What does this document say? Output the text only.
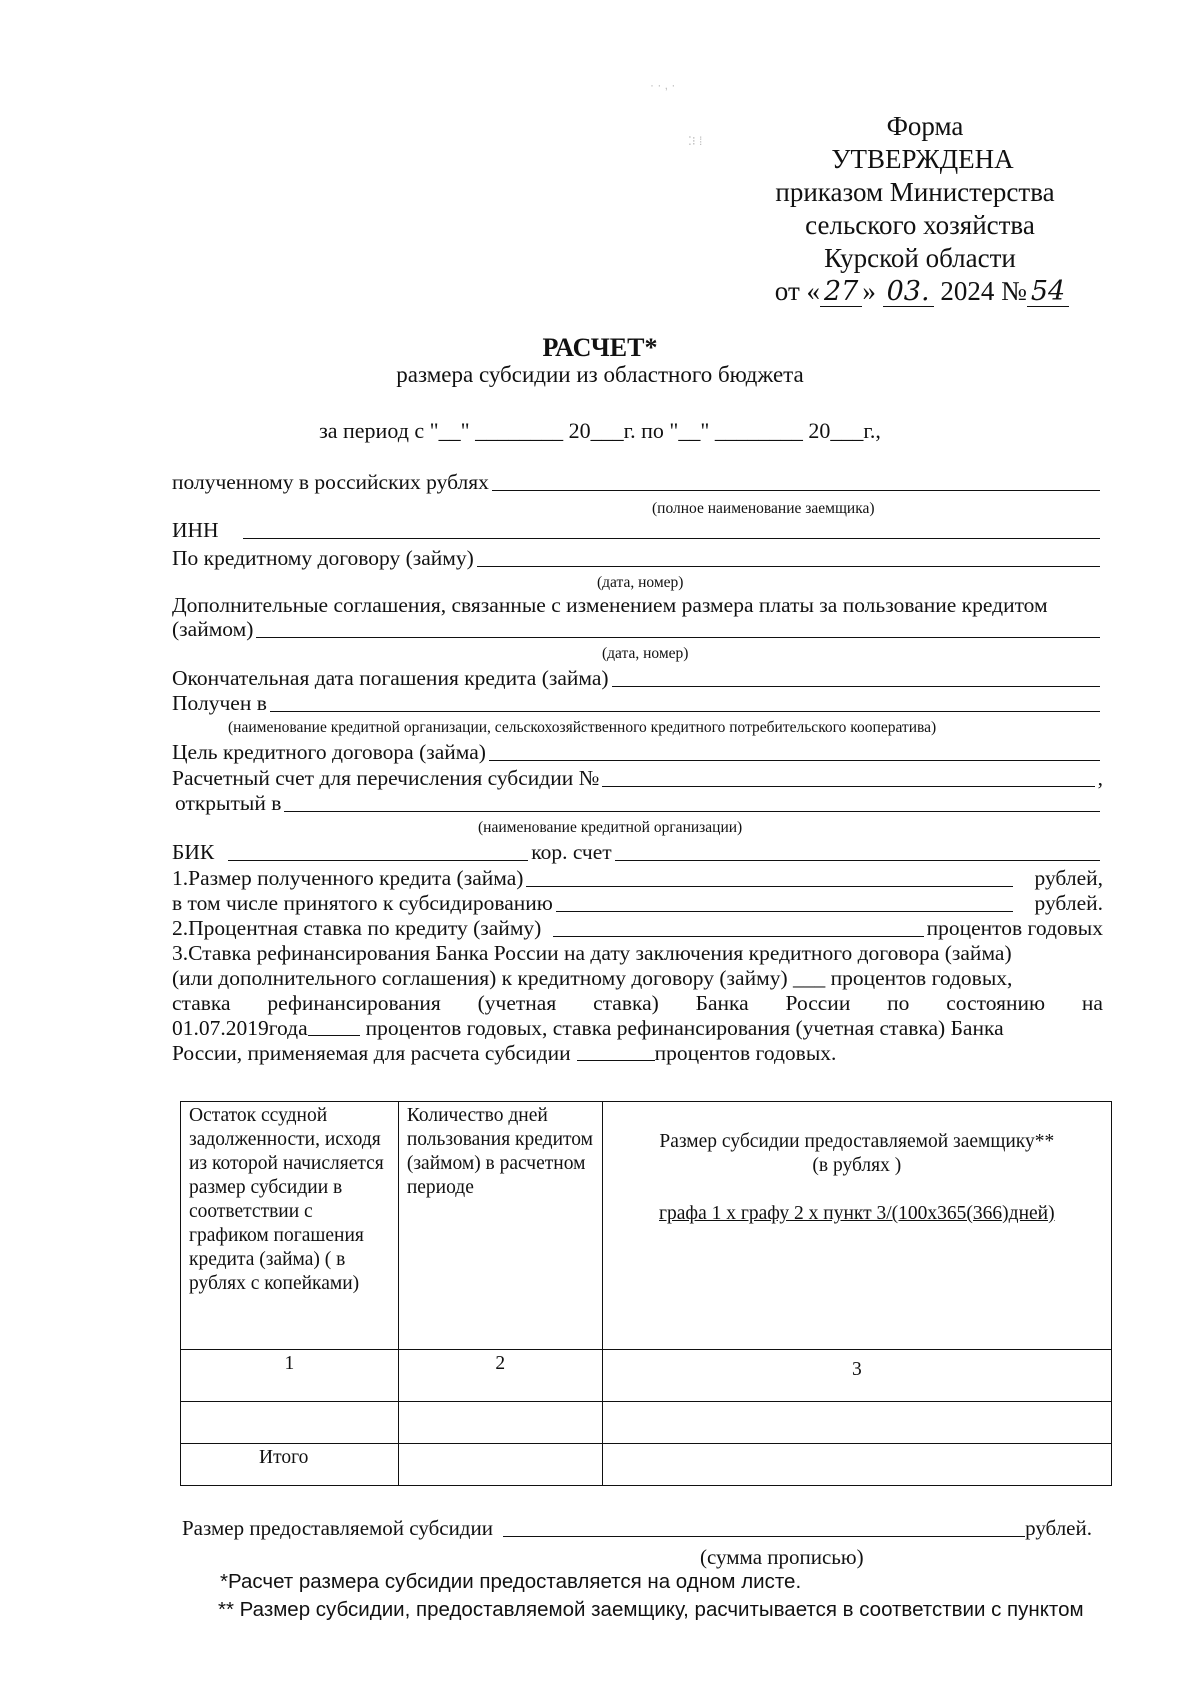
· · , ·
⁚⁝ ⁞	Форма
УТВЕРЖДЕНА
приказом Министерства
сельского хозяйства
Курской области
от « 27 » 03. 2024 № 54
РАСЧЕТ*
размера субсидии из областного бюджета
за период с "__" ________ 20___г. по "__" ________ 20___г.,
полученному в российских рублях
(полное наименование заемщика)
ИНН
По кредитному договору (займу)
(дата, номер)
Дополнительные соглашения, связанные с изменением размера платы за пользование кредитом
(займом)
(дата, номер)
Окончательная дата погашения кредита (займа)
Получен в
(наименование кредитной организации, сельскохозяйственного кредитного потребительского кооператива)
Цель кредитного договора (займа)
Расчетный счет для перечисления субсидии №	,
открытый в
(наименование кредитной организации)
БИК	кор. счет
1.Размер полученного кредита (займа)	рублей,
в том числе принятого к субсидированию	рублей.
2.Процентная ставка по кредиту (займу)	процентов годовых
3.Ставка рефинансирования Банка России на дату заключения кредитного договора (займа)
(или дополнительного соглашения) к кредитному договору (займу) ___ процентов годовых,
ставка рефинансирования (учетная ставка) Банка России по состоянию на
01.07.2019года	процентов годовых, ставка рефинансирования (учетная ставка) Банка
России, применяемая для расчета субсидии	процентов годовых.
Остаток ссудной задолженности, исходя из которой начисляется размер субсидии в соответствии с графиком погашения кредита (займа) ( в рублях с копейками)	Количество дней пользования кредитом (займом) в расчетном периоде	Размер субсидии предоставляемой заемщику**
(в рублях )
графа 1 х графу 2 х пункт 3/(100х365(366)дней)

1	2	3

Итого		
Размер предоставляемой субсидии	рублей.
(сумма прописью)
*Расчет размера субсидии предоставляется на одном листе.
** Размер субсидии, предоставляемой заемщику, расчитывается в соответствии с пунктом
